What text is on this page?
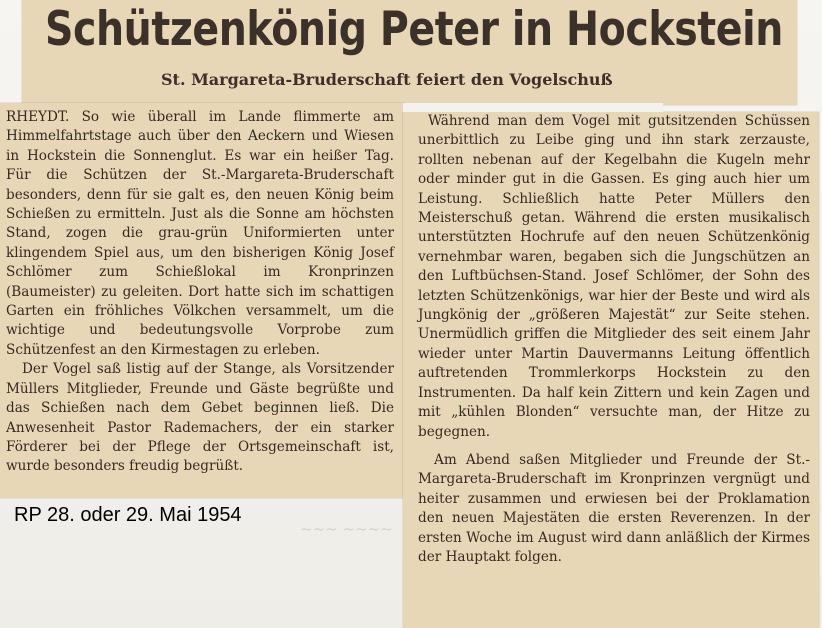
~~~ ~~~~
Schützenkönig Peter in Hockstein
St. Margareta-Bruderschaft feiert den Vogelschuß

RHEYDT. So wie überall im Lande flimmerte am Himmelfahrtstage auch über den Aeckern und Wiesen in Hockstein die Sonnenglut. Es war ein heißer Tag. Für die Schützen der St.-Margareta-Bruderschaft besonders, denn für sie galt es, den neuen König beim Schießen zu ermitteln. Just als die Sonne am höchsten Stand, zogen die grau-grün Uniformierten unter klingendem Spiel aus, um den bisherigen König Josef Schlömer zum Schießlokal im Kronprinzen (Baumeister) zu geleiten. Dort hatte sich im schattigen Garten ein fröhliches Völkchen versammelt, um die wichtige und bedeutungsvolle Vorprobe zum Schützenfest an den Kirmestagen zu erleben.

Der Vogel saß listig auf der Stange, als Vorsitzender Müllers Mitglieder, Freunde und Gäste begrüßte und das Schießen nach dem Gebet beginnen ließ. Die Anwesenheit Pastor Rademachers, der ein starker Förderer bei der Pflege der Ortsgemeinschaft ist, wurde besonders freudig begrüßt.

Während man dem Vogel mit gutsitzenden Schüssen unerbittlich zu Leibe ging und ihn stark zerzauste, rollten nebenan auf der Kegelbahn die Kugeln mehr oder minder gut in die Gassen. Es ging auch hier um Leistung. Schließlich hatte Peter Müllers den Meisterschuß getan. Während die ersten musikalisch unterstützten Hochrufe auf den neuen Schützenkönig vernehmbar waren, begaben sich die Jungschützen an den Luftbüchsen-Stand. Josef Schlömer, der Sohn des letzten Schützenkönigs, war hier der Beste und wird als Jungkönig der „größeren Majestät“ zur Seite stehen. Unermüdlich griffen die Mitglieder des seit einem Jahr wieder unter Martin Dauvermanns Leitung öffentlich auftretenden Trommlerkorps Hockstein zu den Instrumenten. Da half kein Zittern und kein Zagen und mit „kühlen Blonden“ versuchte man, der Hitze zu begegnen.

Am Abend saßen Mitglieder und Freunde der St.-Margareta-Bruderschaft im Kronprinzen vergnügt und heiter zusammen und erwiesen bei der Proklamation den neuen Majestäten die ersten Reverenzen. In der ersten Woche im August wird dann anläßlich der Kirmes der Hauptakt folgen.

RP 28. oder 29. Mai 1954
